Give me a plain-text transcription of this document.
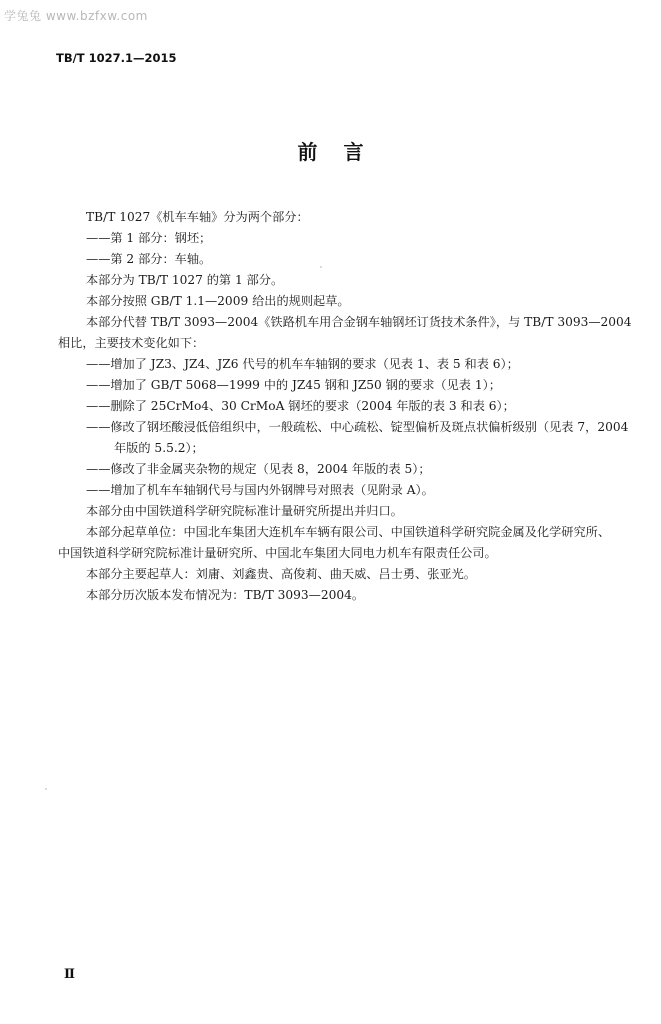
学兔兔 www.bzfxw.com
TB/T 1027.1—2015
前言

TB/T 1027《机车车轴》分为两个部分：

——第 1 部分：钢坯；

——第 2 部分：车轴。

本部分为 TB/T 1027 的第 1 部分。

本部分按照 GB/T 1.1—2009 给出的规则起草。

本部分代替 TB/T 3093—2004《铁路机车用合金钢车轴钢坯订货技术条件》，与 TB/T 3093—2004

相比，主要技术变化如下：

——增加了 JZ3、JZ4、JZ6 代号的机车车轴钢的要求（见表 1、表 5 和表 6）；

——增加了 GB/T 5068—1999 中的 JZ45 钢和 JZ50 钢的要求（见表 1）；

——删除了 25CrMo4、30 CrMoA 钢坯的要求（2004 年版的表 3 和表 6）；

——修改了钢坯酸浸低倍组织中，一般疏松、中心疏松、锭型偏析及斑点状偏析级别（见表 7，2004

年版的 5.5.2）；

——修改了非金属夹杂物的规定（见表 8，2004 年版的表 5）；

——增加了机车车轴钢代号与国内外钢牌号对照表（见附录 A）。

本部分由中国铁道科学研究院标准计量研究所提出并归口。

本部分起草单位：中国北车集团大连机车车辆有限公司、中国铁道科学研究院金属及化学研究所、

中国铁道科学研究院标准计量研究所、中国北车集团大同电力机车有限责任公司。

本部分主要起草人：刘庸、刘鑫贵、高俊莉、曲天威、吕士勇、张亚光。

本部分历次版本发布情况为：TB/T 3093—2004。

Ⅱ
